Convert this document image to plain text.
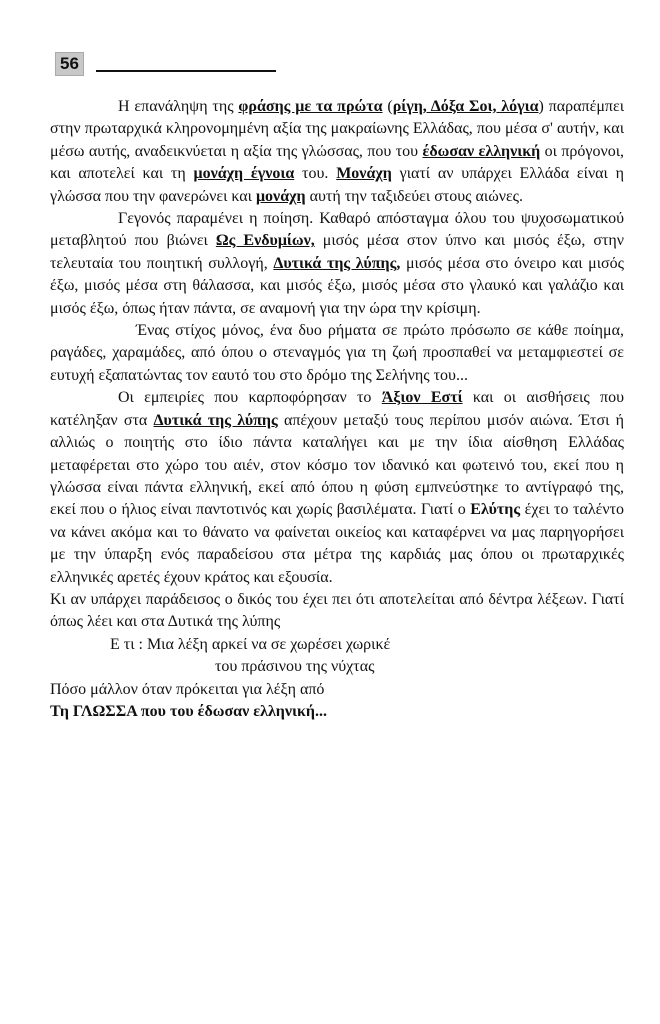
56

Η επανάληψη της φράσης με τα πρώτα (ρίγη, Δόξα Σοι, λόγια) παραπέμπει στην πρωταρχικά κληρονομημένη αξία της μακραίωνης Ελλάδας, που μέσα σ' αυτήν, και μέσω αυτής, αναδεικνύεται η αξία της γλώσσας, που του έδωσαν ελληνική οι πρόγονοι, και αποτελεί και τη μονάχη έγνοια του. Μονάχη γιατί αν υπάρχει Ελλάδα είναι η γλώσσα που την φανερώνει και μονάχη αυτή την ταξιδεύει στους αιώνες.

Γεγονός παραμένει η ποίηση. Καθαρό απόσταγμα όλου του ψυχοσωματικού μεταβλητού που βιώνει Ως Ενδυμίων, μισός μέσα στον ύπνο και μισός έξω, στην τελευταία του ποιητική συλλογή, Δυτικά της λύπης, μισός μέσα στο όνειρο και μισός έξω, μισός μέσα στη θάλασσα, και μισός έξω, μισός μέσα στο γλαυκό και γαλάζιο και μισός έξω, όπως ήταν πάντα, σε αναμονή για την ώρα την κρίσιμη.

Ένας στίχος μόνος, ένα δυο ρήματα σε πρώτο πρόσωπο σε κάθε ποίημα, ραγάδες, χαραμάδες, από όπου ο στεναγμός για τη ζωή προσπαθεί να μεταμφιεστεί σε ευτυχή εξαπατώντας τον εαυτό του στο δρόμο της Σελήνης του...

Οι εμπειρίες που καρποφόρησαν το Άξιον Εστί και οι αισθήσεις που κατέληξαν στα Δυτικά της λύπης απέχουν μεταξύ τους περίπου μισόν αιώνα. Έτσι ή αλλιώς ο ποιητής στο ίδιο πάντα καταλήγει και με την ίδια αίσθηση Ελλάδας μεταφέρεται στο χώρο του αιέν, στον κόσμο τον ιδανικό και φωτεινό του, εκεί που η γλώσσα είναι πάντα ελληνική, εκεί από όπου η φύση εμπνεύστηκε το αντίγραφό της, εκεί που ο ήλιος είναι παντοτινός και χωρίς βασιλέματα. Γιατί ο Ελύτης έχει το ταλέντο να κάνει ακόμα και το θάνατο να φαίνεται οικείος και καταφέρνει να μας παρηγορήσει με την ύπαρξη ενός παραδείσου στα μέτρα της καρδιάς μας όπου οι πρωταρχικές ελληνικές αρετές έχουν κράτος και εξουσία.

Κι αν υπάρχει παράδεισος ο δικός του έχει πει ότι αποτελείται από δέντρα λέξεων. Γιατί όπως λέει και στα Δυτικά της λύπης

Ε τι : Μια λέξη αρκεί να σε χωρέσει χωρικέ

του πράσινου της νύχτας

Πόσο μάλλον όταν πρόκειται για λέξη από

Τη ΓΛΩΣΣΑ που του έδωσαν ελληνική...
